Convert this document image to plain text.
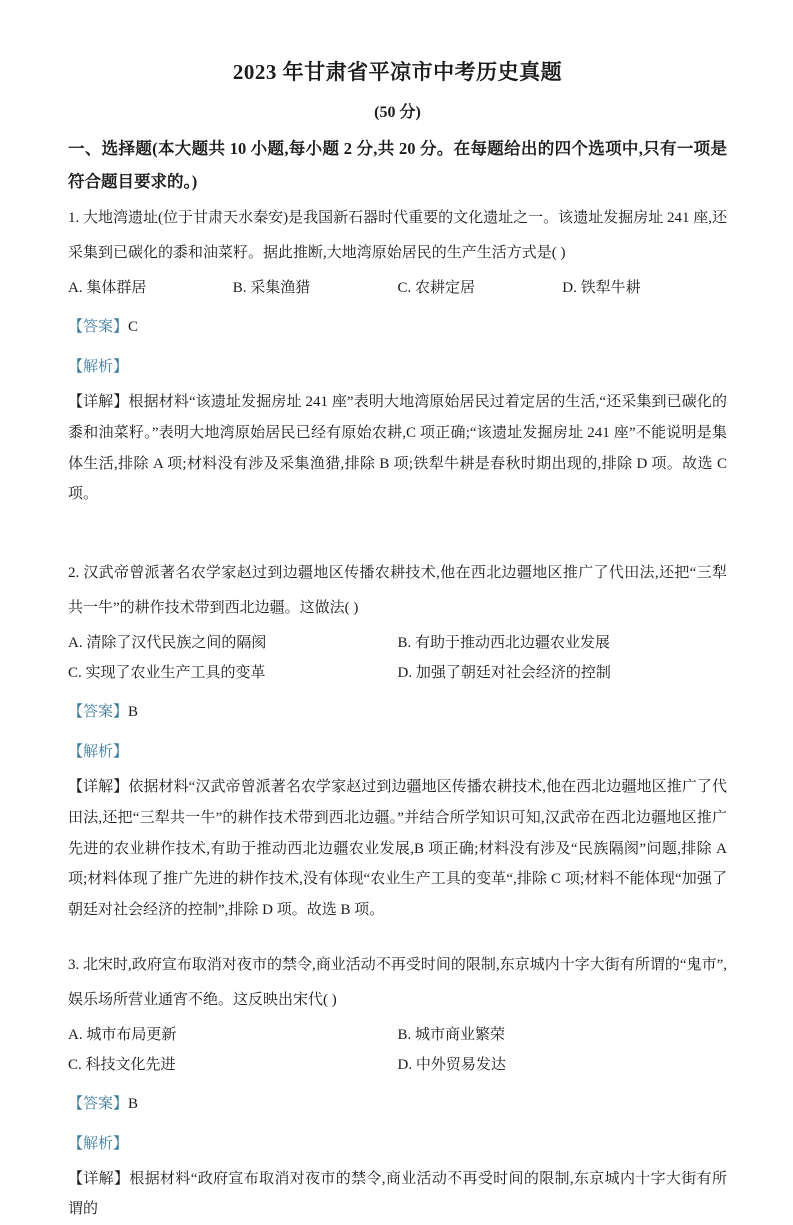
2023 年甘肃省平凉市中考历史真题

(50 分)

一、选择题(本大题共 10 小题,每小题 2 分,共 20 分。在每题给出的四个选项中,只有一项是符合题目要求的。)

1. 大地湾遗址(位于甘肃天水秦安)是我国新石器时代重要的文化遗址之一。该遗址发掘房址 241 座,还采集到已碳化的黍和油菜籽。据此推断,大地湾原始居民的生产生活方式是( )

A. 集体群居	B. 采集渔猎	C. 农耕定居	D. 铁犁牛耕

【答案】C

【解析】

【详解】根据材料“该遗址发掘房址 241 座”表明大地湾原始居民过着定居的生活,“还采集到已碳化的黍和油菜籽。”表明大地湾原始居民已经有原始农耕,C 项正确;“该遗址发掘房址 241 座”不能说明是集体生活,排除 A 项;材料没有涉及采集渔猎,排除 B 项;铁犁牛耕是春秋时期出现的,排除 D 项。故选 C 项。

2. 汉武帝曾派著名农学家赵过到边疆地区传播农耕技术,他在西北边疆地区推广了代田法,还把“三犁共一牛”的耕作技术带到西北边疆。这做法( )

A. 清除了汉代民族之间的隔阂	B. 有助于推动西北边疆农业发展
C. 实现了农业生产工具的变革	D. 加强了朝廷对社会经济的控制

【答案】B

【解析】

【详解】依据材料“汉武帝曾派著名农学家赵过到边疆地区传播农耕技术,他在西北边疆地区推广了代田法,还把“三犁共一牛”的耕作技术带到西北边疆。”并结合所学知识可知,汉武帝在西北边疆地区推广先进的农业耕作技术,有助于推动西北边疆农业发展,B 项正确;材料没有涉及“民族隔阂”问题,排除 A 项;材料体现了推广先进的耕作技术,没有体现“农业生产工具的变革“,排除 C 项;材料不能体现“加强了朝廷对社会经济的控制”,排除 D 项。故选 B 项。

3. 北宋时,政府宣布取消对夜市的禁令,商业活动不再受时间的限制,东京城内十字大街有所谓的“鬼市”,娱乐场所营业通宵不绝。这反映出宋代( )

A. 城市布局更新	B. 城市商业繁荣
C. 科技文化先进	D. 中外贸易发达

【答案】B

【解析】

【详解】根据材料“政府宣布取消对夜市的禁令,商业活动不再受时间的限制,东京城内十字大街有所谓的
